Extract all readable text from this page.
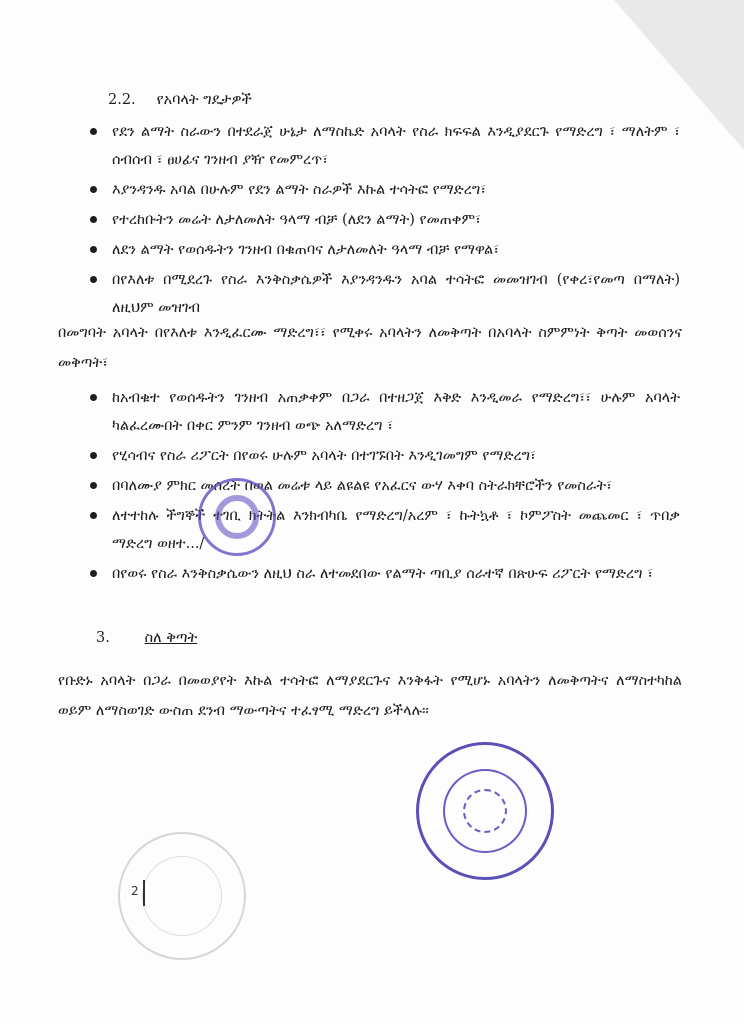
2.2. የአባላት ግዴታዎች
የደን ልማት ስራውን በተደራጀ ሁኔታ ለማስኬድ አባላት የስራ ክፍፍል እንዲያደርጉ የማድረግ ፣ ማለትም ፣ ሰብሰብ ፣ ፀሀፊና ገንዘብ ያዥ የመምረጥ፣
እያንዳንዱ አባል በሁሉም የደን ልማት ስራዎች እኩል ተሳትፎ የማድረግ፣
የተረከቡትን መሬት ለታለመለት ዓላማ ብቻ (ለደን ልማት) የመጠቀም፣
ለደን ልማት የወሰዱትን ገንዘብ በቁጠባና ለታለመለት ዓላማ ብቻ የማዋል፣
በየእለቱ በሚደረጉ የስራ እንቅስቃሴዎች እያንዳንዱን አባል ተሳትፎ መመዝገብ (የቀረ፣የመጣ በማለት) ለዚህም መዝገብ
በመግባት አባላት በየእለቱ እንዲፈርሙ ማድረግ፣፣ የሚቀሩ አባላትን ለመቅጣት በአባላት ስምምነት ቅጣት መወሰንና መቅጣት፣
ከአብቁተ የወሰዱትን ገንዘብ አጠቃቀም በጋራ በተዘጋጀ እቅድ እንዲመራ የማድረግ፣፣ ሁሉም አባላት ካልፈረሙበት በቀር ምንም ገንዘብ ወጭ አለማድረግ ፣
የሂሳብና የስራ ሪፖርት በየወሩ ሁሉም አባላት በተገኙበት እንዲገመግም የማድረግ፣
በባለሙያ ምክር መሰረት በወል መሬቱ ላይ ልዩልዩ የአፈርና ውሃ እቀባ ስትራክቸሮችን የመስራት፣
ለተተከሉ ችግኞች ተገቢ ክትትል እንክብካቤ የማድረግ/አረም ፣ ኩትኳቶ ፣ ኮምፖስት መጨመር ፣ ጥበቃ ማድረግ ወዘተ.../
በየወሩ የስራ እንቅስቃሴውን ለዚህ ስራ ለተመደበው የልማት ጣቢያ ሰራተኛ በጽሁፍ ሪፖርት የማድረግ ፣
3. ስለ ቅጣት
የቡድኑ አባላት በጋራ በመወያየት እኩል ተሳትፎ ለማያደርጉና እንቅፋት የሚሆኑ አባላትን ለመቅጣትና ለማስተካከል ወይም ለማስወገድ ውስጠ ደንብ ማውጣትና ተፈፃሚ ማድረግ ይችላሉ፡፡
2
